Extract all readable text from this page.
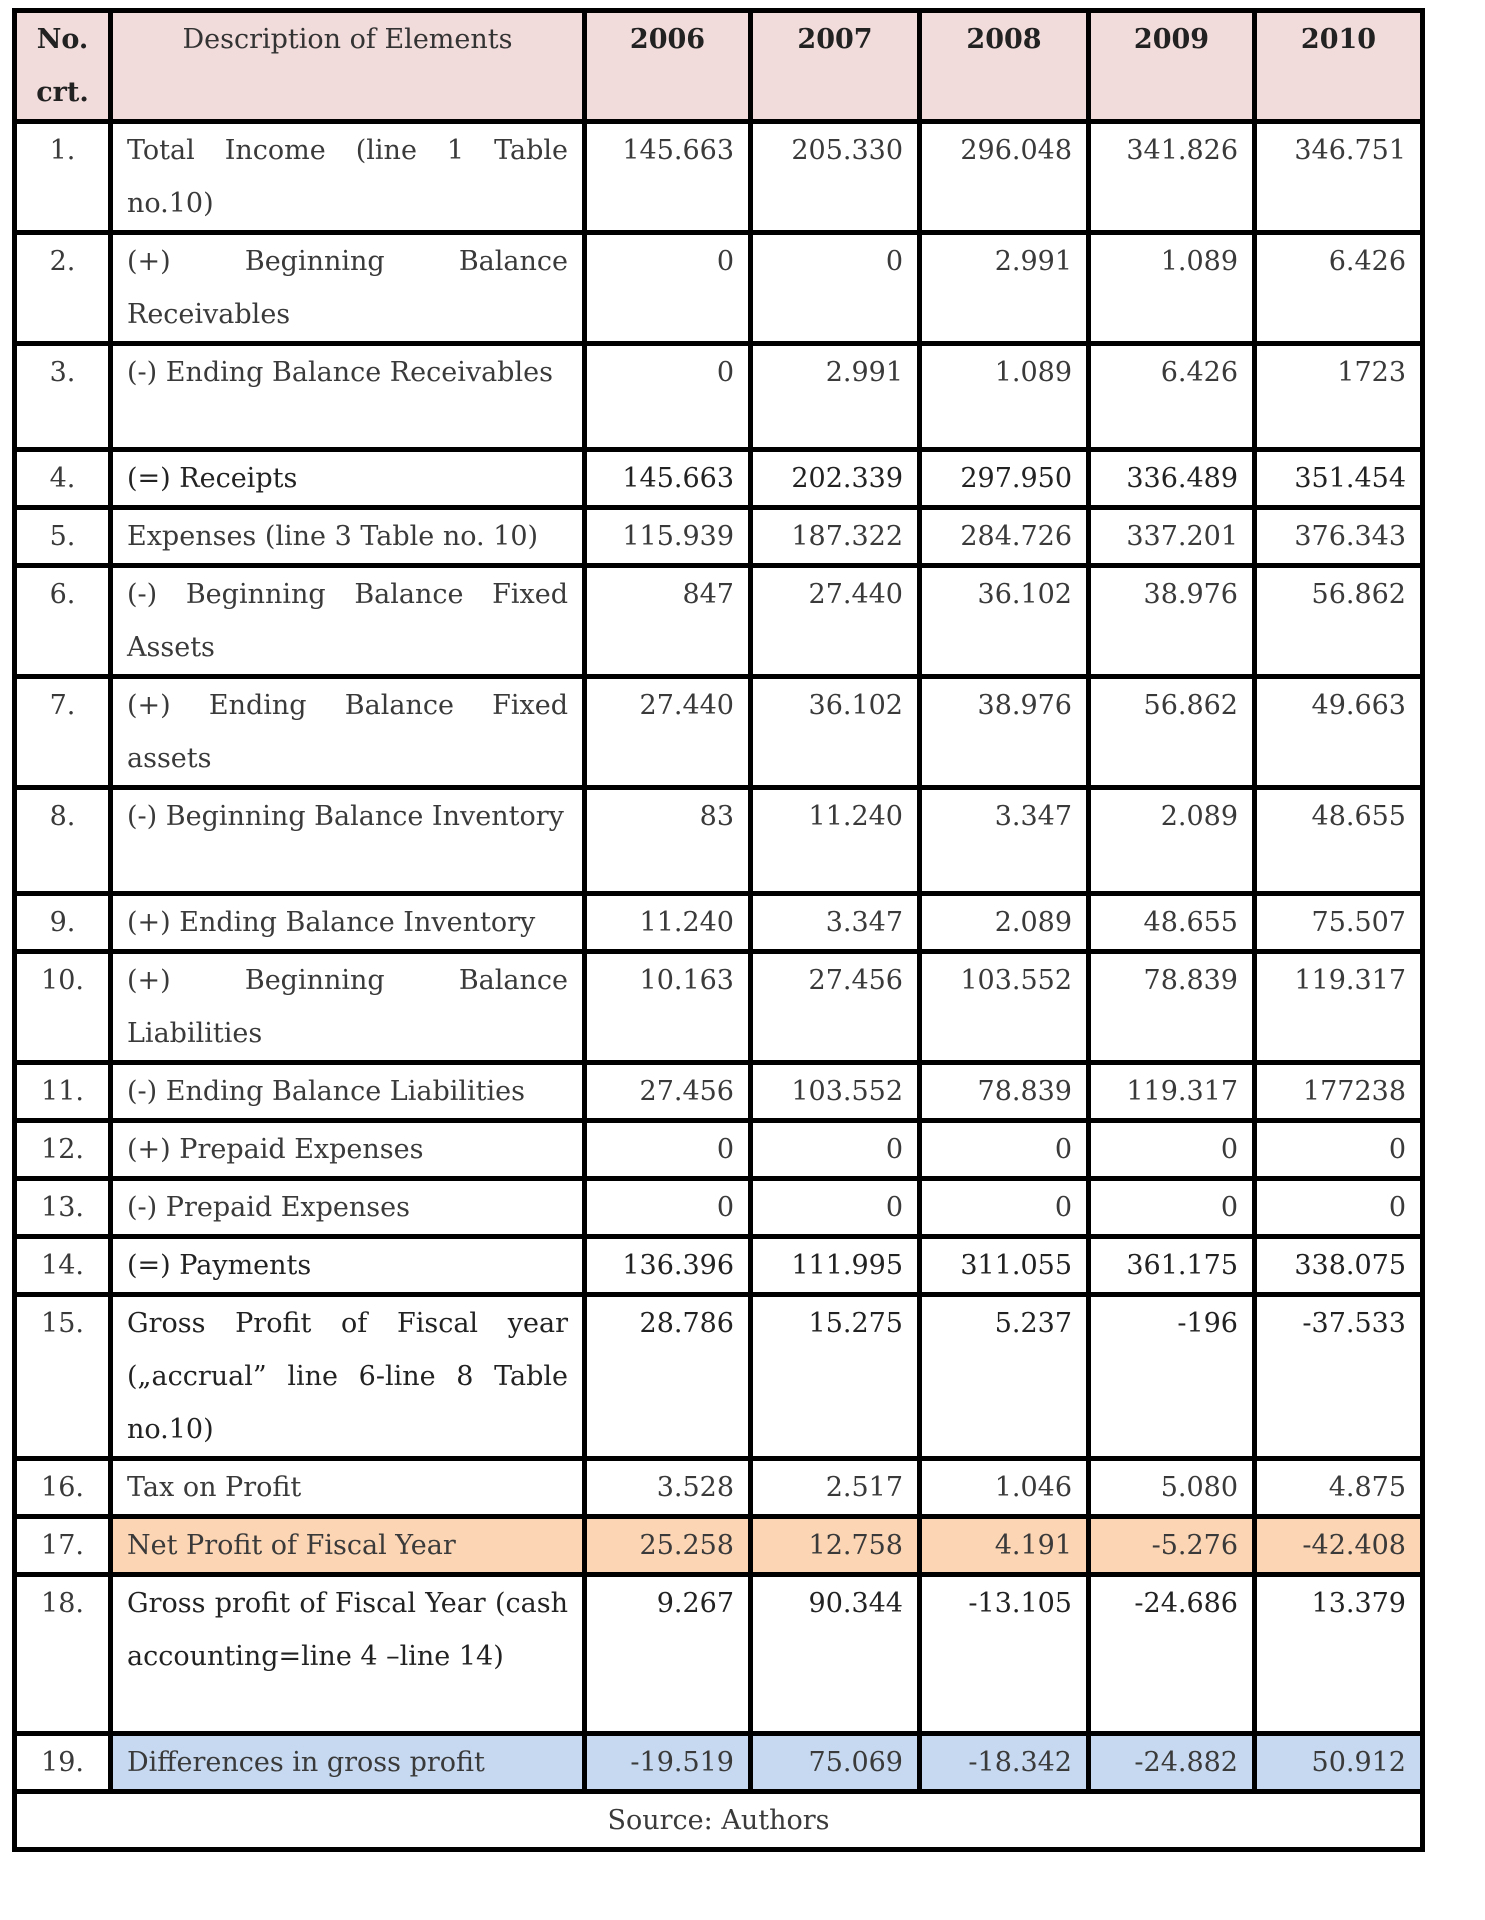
No. crt.	Description of Elements	2006	2007	2008	2009	2010
1.	Total Income (line 1 Table no.10)	145.663	205.330	296.048	341.826	346.751
2.	(+) Beginning Balance Receivables	0	0	2.991	1.089	6.426
3.	(-) Ending Balance Receivables	0	2.991	1.089	6.426	1723
4.	(=) Receipts	145.663	202.339	297.950	336.489	351.454
5.	Expenses (line 3 Table no. 10)	115.939	187.322	284.726	337.201	376.343
6.	(-) Beginning Balance Fixed Assets	847	27.440	36.102	38.976	56.862
7.	(+) Ending Balance Fixed assets	27.440	36.102	38.976	56.862	49.663
8.	(-) Beginning Balance Inventory	83	11.240	3.347	2.089	48.655
9.	(+) Ending Balance Inventory	11.240	3.347	2.089	48.655	75.507
10.	(+) Beginning Balance Liabilities	10.163	27.456	103.552	78.839	119.317
11.	(-) Ending Balance Liabilities	27.456	103.552	78.839	119.317	177238
12.	(+) Prepaid Expenses	0	0	0	0	0
13.	(-) Prepaid Expenses	0	0	0	0	0
14.	(=) Payments	136.396	111.995	311.055	361.175	338.075
15.	Gross Profit of Fiscal year („accrual” line 6-line 8 Table no.10)	28.786	15.275	5.237	-196	-37.533
16.	Tax on Profit	3.528	2.517	1.046	5.080	4.875
17.	Net Profit of Fiscal Year	25.258	12.758	4.191	-5.276	-42.408
18.	Gross profit of Fiscal Year (cash accounting=line 4 –line 14)	9.267	90.344	-13.105	-24.686	13.379
19.	Differences in gross profit	-19.519	75.069	-18.342	-24.882	50.912
Source: Authors						
